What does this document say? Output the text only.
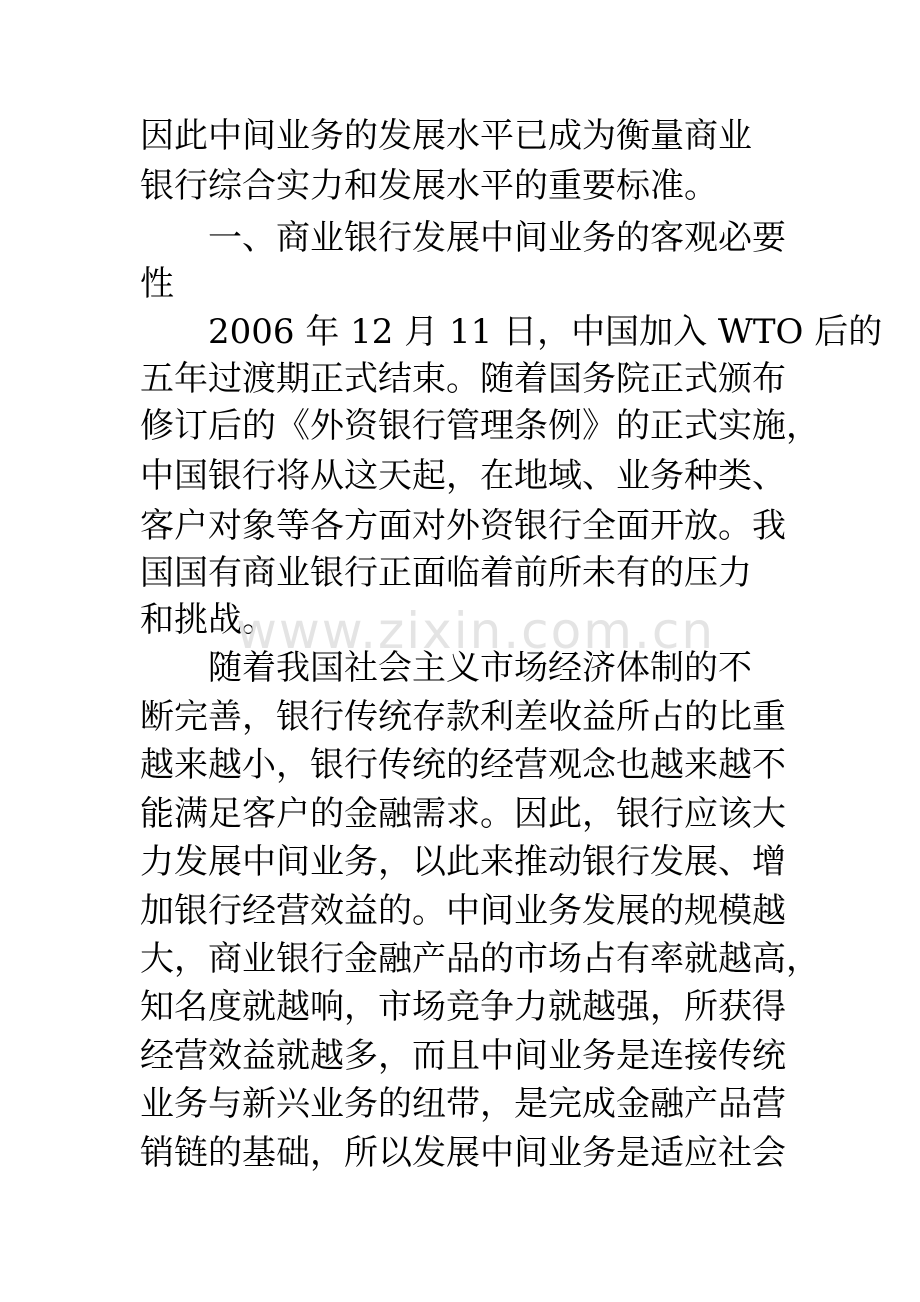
因此中间业务的发展水平已成为衡量商业
银行综合实力和发展水平的重要标准。
一、商业银行发展中间业务的客观必要
性
2006 年 12 月 11 日，中国加入 WTO 后的
五年过渡期正式结束。随着国务院正式颁布
修订后的《外资银行管理条例》的正式实施，
中国银行将从这天起，在地域、业务种类、
客户对象等各方面对外资银行全面开放。我
国国有商业银行正面临着前所未有的压力
和挑战。
随着我国社会主义市场经济体制的不
断完善，银行传统存款利差收益所占的比重
越来越小，银行传统的经营观念也越来越不
能满足客户的金融需求。因此，银行应该大
力发展中间业务，以此来推动银行发展、增
加银行经营效益的。中间业务发展的规模越
大，商业银行金融产品的市场占有率就越高，
知名度就越响，市场竞争力就越强，所获得
经营效益就越多，而且中间业务是连接传统
业务与新兴业务的纽带，是完成金融产品营
销链的基础，所以发展中间业务是适应社会
www.zixin.com.cn
